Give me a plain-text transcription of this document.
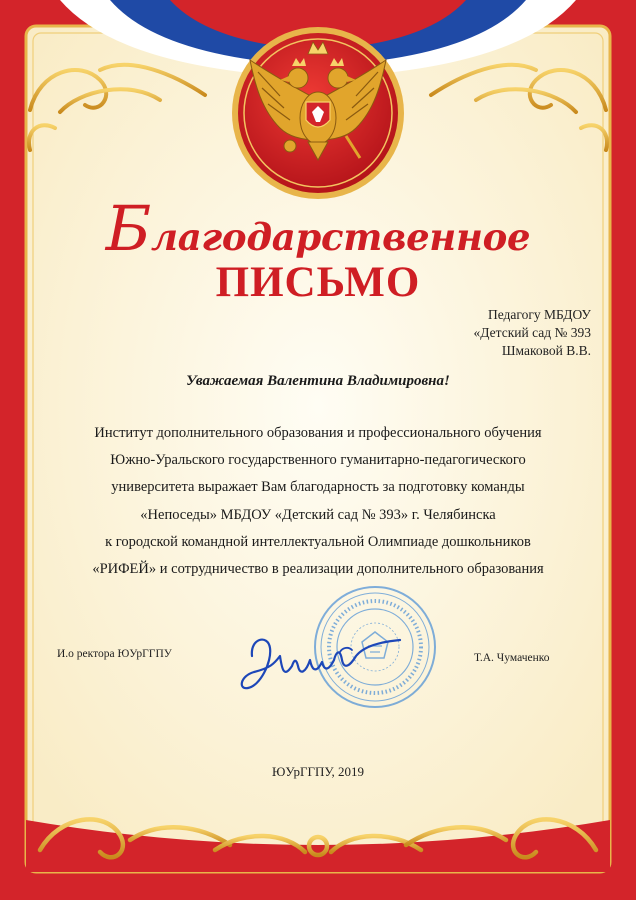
Благодарственное
ПИСЬМО
Педагогу МБДОУ
«Детский сад № 393
Шмаковой В.В.
Уважаемая Валентина Владимировна!
Институт дополнительного образования и профессионального обучения
Южно-Уральского государственного гуманитарно-педагогического
университета выражает Вам благодарность за подготовку команды
«Непоседы» МБДОУ «Детский сад № 393» г. Челябинска
к городской командной интеллектуальной Олимпиаде дошкольников
«РИФЕЙ» и сотрудничество в реализации дополнительного образования
И.о ректора ЮУрГГПУ	Т.А. Чумаченко
ЮУрГГПУ, 2019
